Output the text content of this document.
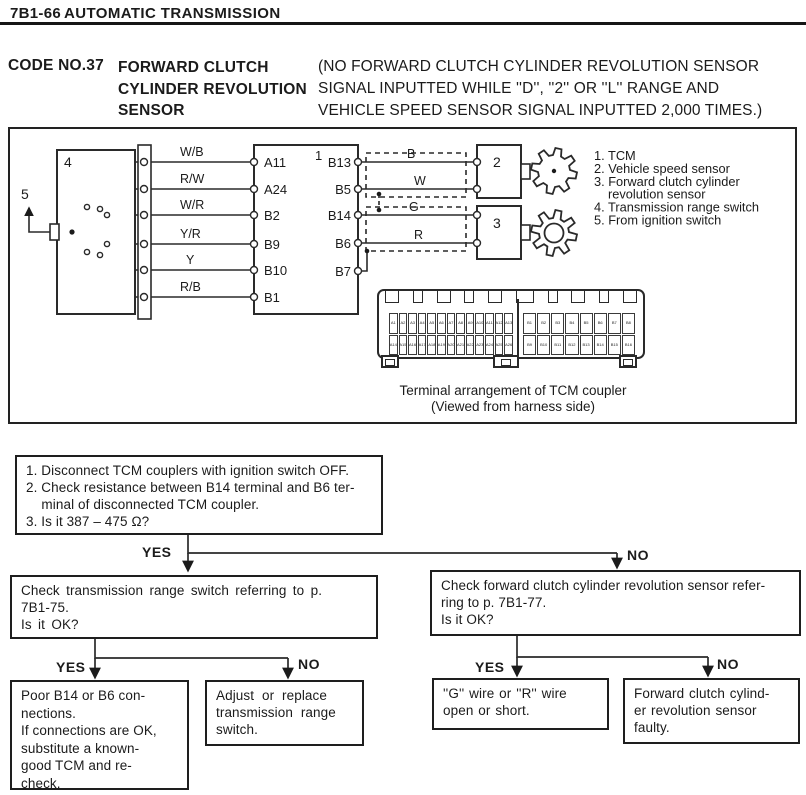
7B1-66 AUTOMATIC TRANSMISSION
CODE NO.37 FORWARD CLUTCH
CYLINDER REVOLUTION
SENSOR
(NO FORWARD CLUTCH CYLINDER REVOLUTION SENSOR
SIGNAL INPUTTED WHILE ''D'', ''2'' OR ''L'' RANGE AND
VEHICLE SPEED SENSOR SIGNAL INPUTTED 2,000 TIMES.)
4
5
1	2
3
W/B
R/W
W/R
Y/R
Y
R/B
A11
A24
B2
B9
B10
B1
B13
B5
B14
B6
B7
B
W
G
R
1. TCM
2. Vehicle speed sensor
3. Forward clutch cylinder
revolution sensor
4. Transmission range switch
5. From ignition switch
A1	A2	A3	A4	A5	A6	A7	A8	A9 A10 A11 A12 A13
A14 A15 A16 A17 A18 A19 A20 A21 A22 A23 A24 A25 A26
B1	B2	B3	B4	B5	B6	B7	B8
B9	B10	B11	B12	B13	B14	B15	B16
Terminal arrangement of TCM coupler
(Viewed from harness side)
YES	NO
YES	NO	YES	NO
1. Disconnect TCM couplers with ignition switch OFF.
2. Check resistance between B14 terminal and B6 ter-
minal of disconnected TCM coupler.
3. Is it 387 – 475 Ω?
Check transmission range switch referring to p.
7B1-75.
Is it OK?
Check forward clutch cylinder revolution sensor refer-
ring to p. 7B1-77.
Is it OK?
Poor B14 or B6 con-
nections.
If connections are OK,
substitute a known-
good TCM and re-
check.
Adjust or replace
transmission range
switch.
''G'' wire or ''R'' wire
open or short.
Forward clutch cylind-
er revolution sensor
faulty.
